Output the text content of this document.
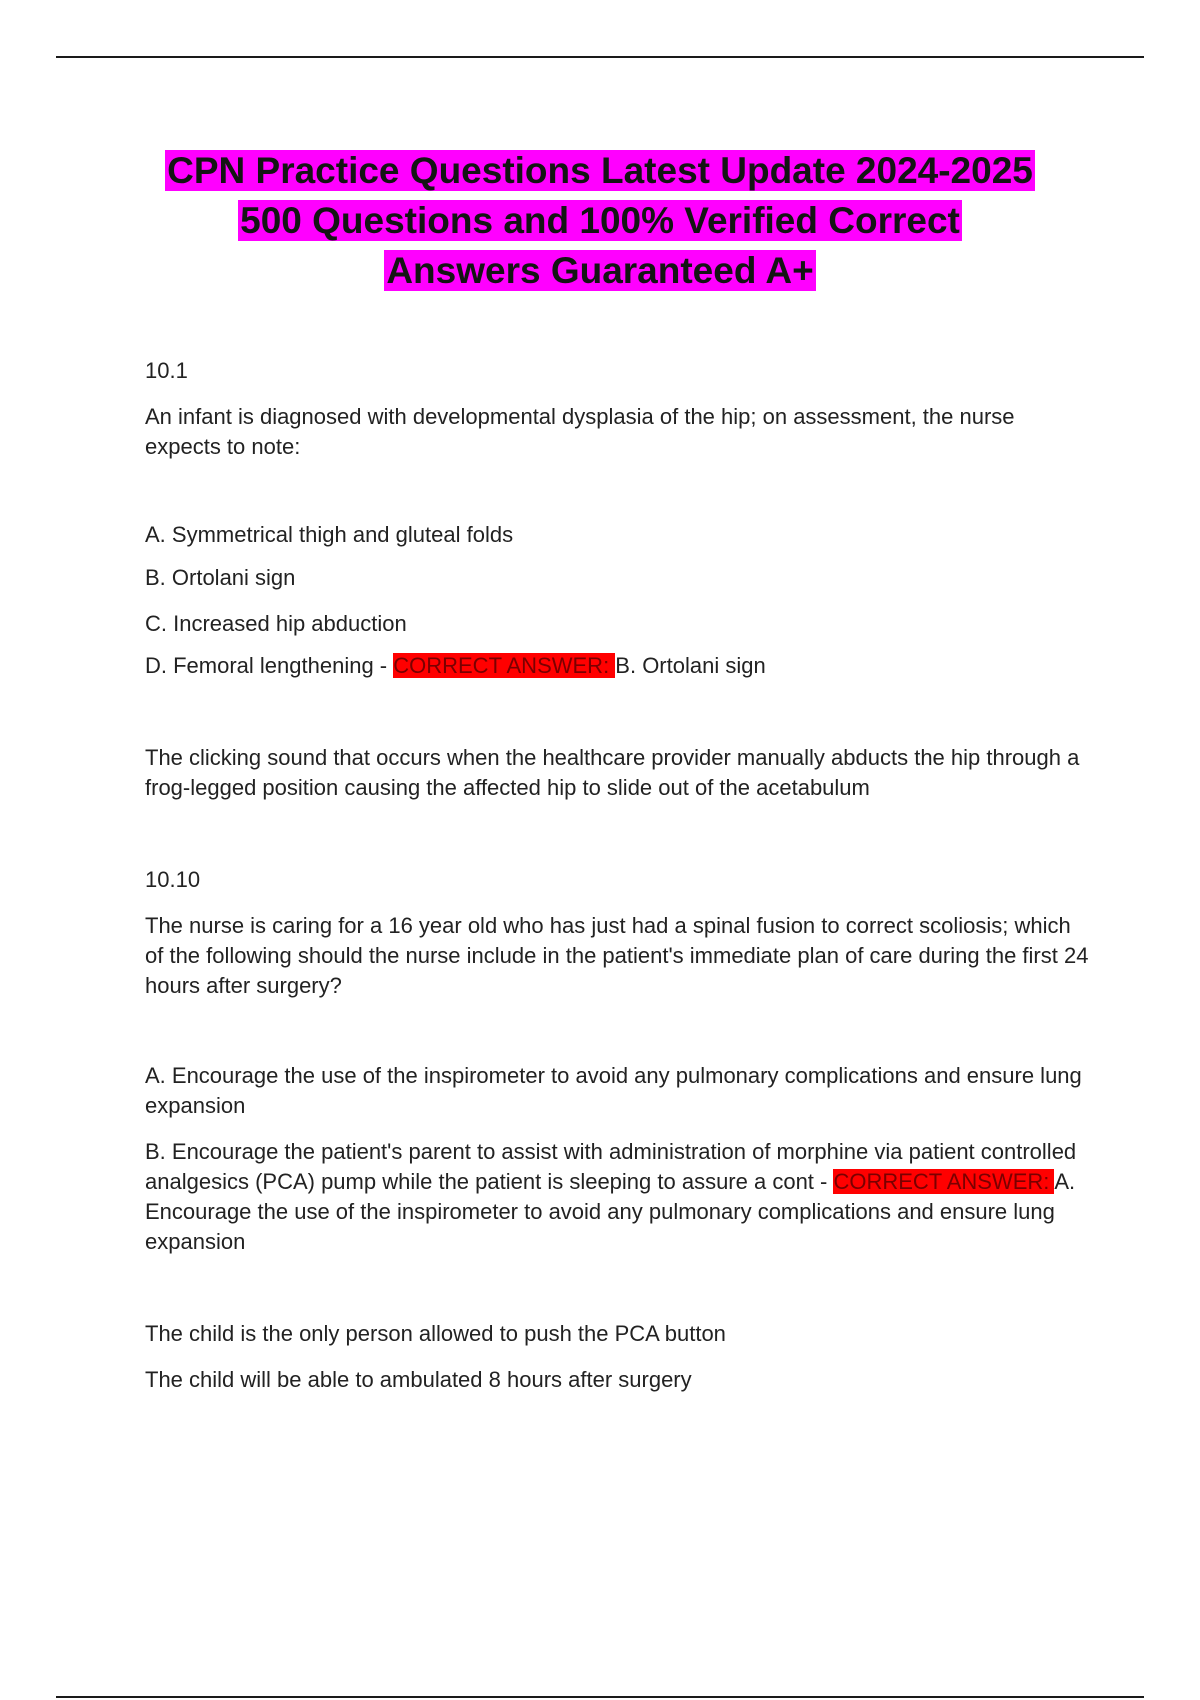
CPN Practice Questions Latest Update 2024-2025
500 Questions and 100% Verified Correct
Answers Guaranteed A+

10.1

An infant is diagnosed with developmental dysplasia of the hip; on assessment, the nurse expects to note:

A. Symmetrical thigh and gluteal folds

B. Ortolani sign

C. Increased hip abduction

D. Femoral lengthening - CORRECT ANSWER: B. Ortolani sign

The clicking sound that occurs when the healthcare provider manually abducts the hip through a frog-legged position causing the affected hip to slide out of the acetabulum

10.10

The nurse is caring for a 16 year old who has just had a spinal fusion to correct scoliosis; which of the following should the nurse include in the patient's immediate plan of care during the first 24 hours after surgery?

A. Encourage the use of the inspirometer to avoid any pulmonary complications and ensure lung expansion

B. Encourage the patient's parent to assist with administration of morphine via patient controlled analgesics (PCA) pump while the patient is sleeping to assure a cont - CORRECT ANSWER: A. Encourage the use of the inspirometer to avoid any pulmonary complications and ensure lung expansion

The child is the only person allowed to push the PCA button

The child will be able to ambulated 8 hours after surgery
